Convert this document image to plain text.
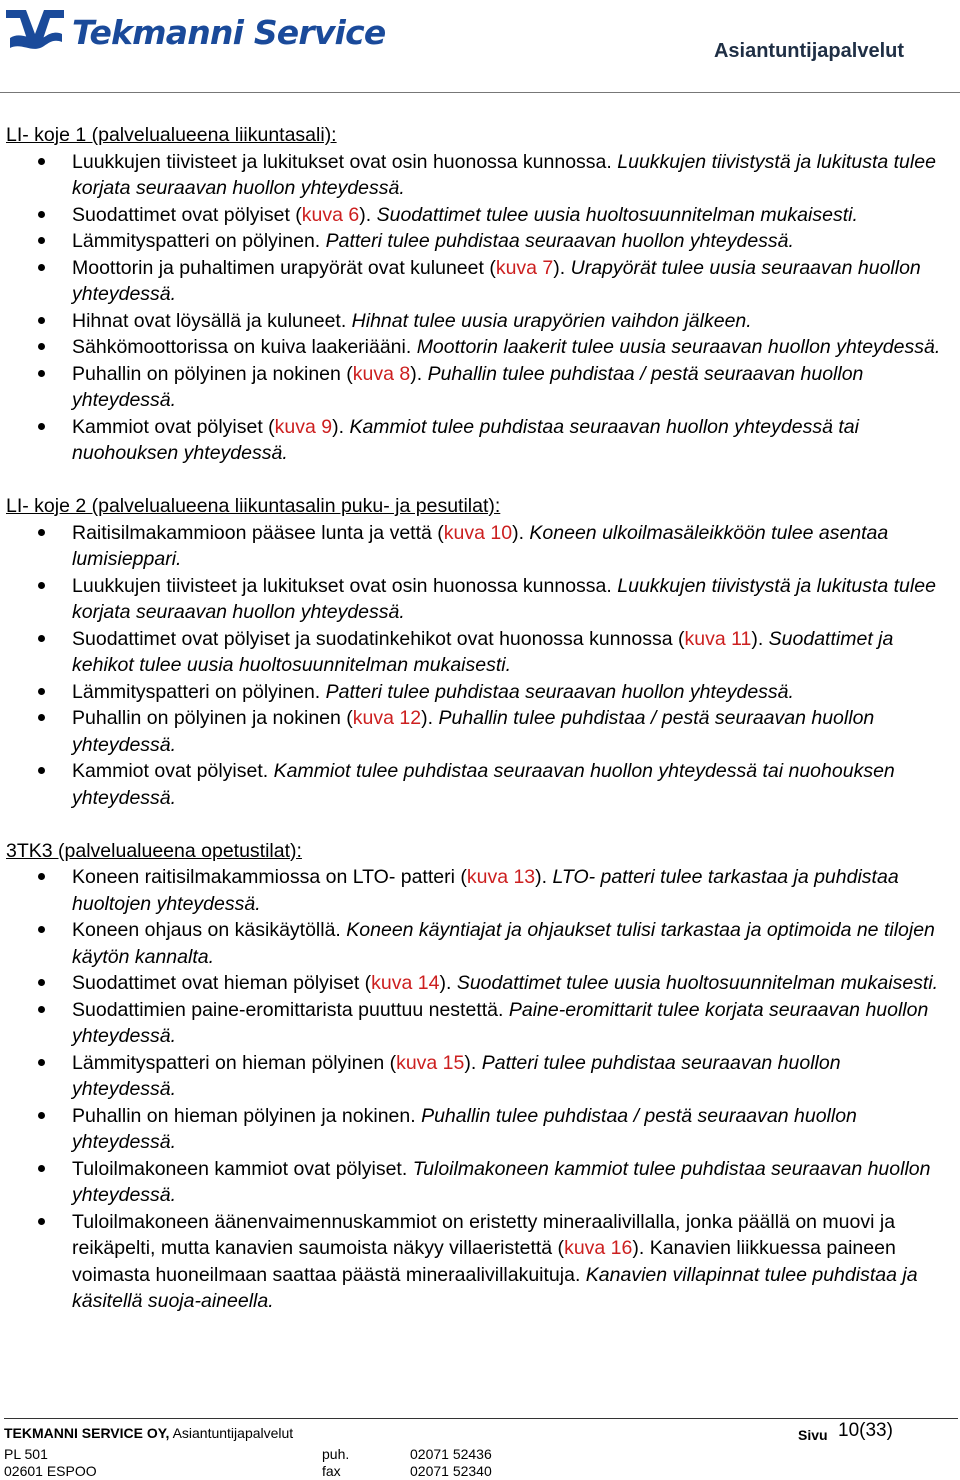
Tekmanni Service	Asiantuntijapalvelut
LI- koje 1 (palvelualueena liikuntasali):
Luukkujen tiivisteet ja lukitukset ovat osin huonossa kunnossa. Luukkujen tiivistystä ja lukitusta tulee korjata seuraavan huollon yhteydessä.
Suodattimet ovat pölyiset (kuva 6). Suodattimet tulee uusia huoltosuunnitelman mukaisesti.
Lämmityspatteri on pölyinen. Patteri tulee puhdistaa seuraavan huollon yhteydessä.
Moottorin ja puhaltimen urapyörät ovat kuluneet (kuva 7). Urapyörät tulee uusia seuraavan huollon yhteydessä.
Hihnat ovat löysällä ja kuluneet. Hihnat tulee uusia urapyörien vaihdon jälkeen.
Sähkömoottorissa on kuiva laakeriääni. Moottorin laakerit tulee uusia seuraavan huollon yhteydessä.
Puhallin on pölyinen ja nokinen (kuva 8). Puhallin tulee puhdistaa / pestä seuraavan huollon yhteydessä.
Kammiot ovat pölyiset (kuva 9). Kammiot tulee puhdistaa seuraavan huollon yhteydessä tai nuohouksen yhteydessä.
LI- koje 2 (palvelualueena liikuntasalin puku- ja pesutilat):
Raitisilmakammioon pääsee lunta ja vettä (kuva 10). Koneen ulkoilmasäleikköön tulee asentaa lumisieppari.
Luukkujen tiivisteet ja lukitukset ovat osin huonossa kunnossa. Luukkujen tiivistystä ja lukitusta tulee korjata seuraavan huollon yhteydessä.
Suodattimet ovat pölyiset ja suodatinkehikot ovat huonossa kunnossa (kuva 11). Suodattimet ja kehikot tulee uusia huoltosuunnitelman mukaisesti.
Lämmityspatteri on pölyinen. Patteri tulee puhdistaa seuraavan huollon yhteydessä.
Puhallin on pölyinen ja nokinen (kuva 12). Puhallin tulee puhdistaa / pestä seuraavan huollon yhteydessä.
Kammiot ovat pölyiset. Kammiot tulee puhdistaa seuraavan huollon yhteydessä tai nuohouksen yhteydessä.
3TK3 (palvelualueena opetustilat):
Koneen raitisilmakammiossa on LTO- patteri (kuva 13). LTO- patteri tulee tarkastaa ja puhdistaa huoltojen yhteydessä.
Koneen ohjaus on käsikäytöllä. Koneen käyntiajat ja ohjaukset tulisi tarkastaa ja optimoida ne tilojen käytön kannalta.
Suodattimet ovat hieman pölyiset (kuva 14). Suodattimet tulee uusia huoltosuunnitelman mukaisesti.
Suodattimien paine-eromittarista puuttuu nestettä. Paine-eromittarit tulee korjata seuraavan huollon yhteydessä.
Lämmityspatteri on hieman pölyinen (kuva 15). Patteri tulee puhdistaa seuraavan huollon yhteydessä.
Puhallin on hieman pölyinen ja nokinen. Puhallin tulee puhdistaa / pestä seuraavan huollon yhteydessä.
Tuloilmakoneen kammiot ovat pölyiset. Tuloilmakoneen kammiot tulee puhdistaa seuraavan huollon yhteydessä.
Tuloilmakoneen äänenvaimennuskammiot on eristetty mineraalivillalla, jonka päällä on muovi ja reikäpelti, mutta kanavien saumoista näkyy villaeristettä (kuva 16). Kanavien liikkuessa paineen voimasta huoneilmaan saattaa päästä mineraalivillakuituja. Kanavien villapinnat tulee puhdistaa ja käsitellä suoja-aineella.
TEKMANNI SERVICE OY, Asiantuntijapalvelut	Sivu 10(33)
PL 501
02601 ESPOO
puh.	02071 52436
fax	02071 52340
